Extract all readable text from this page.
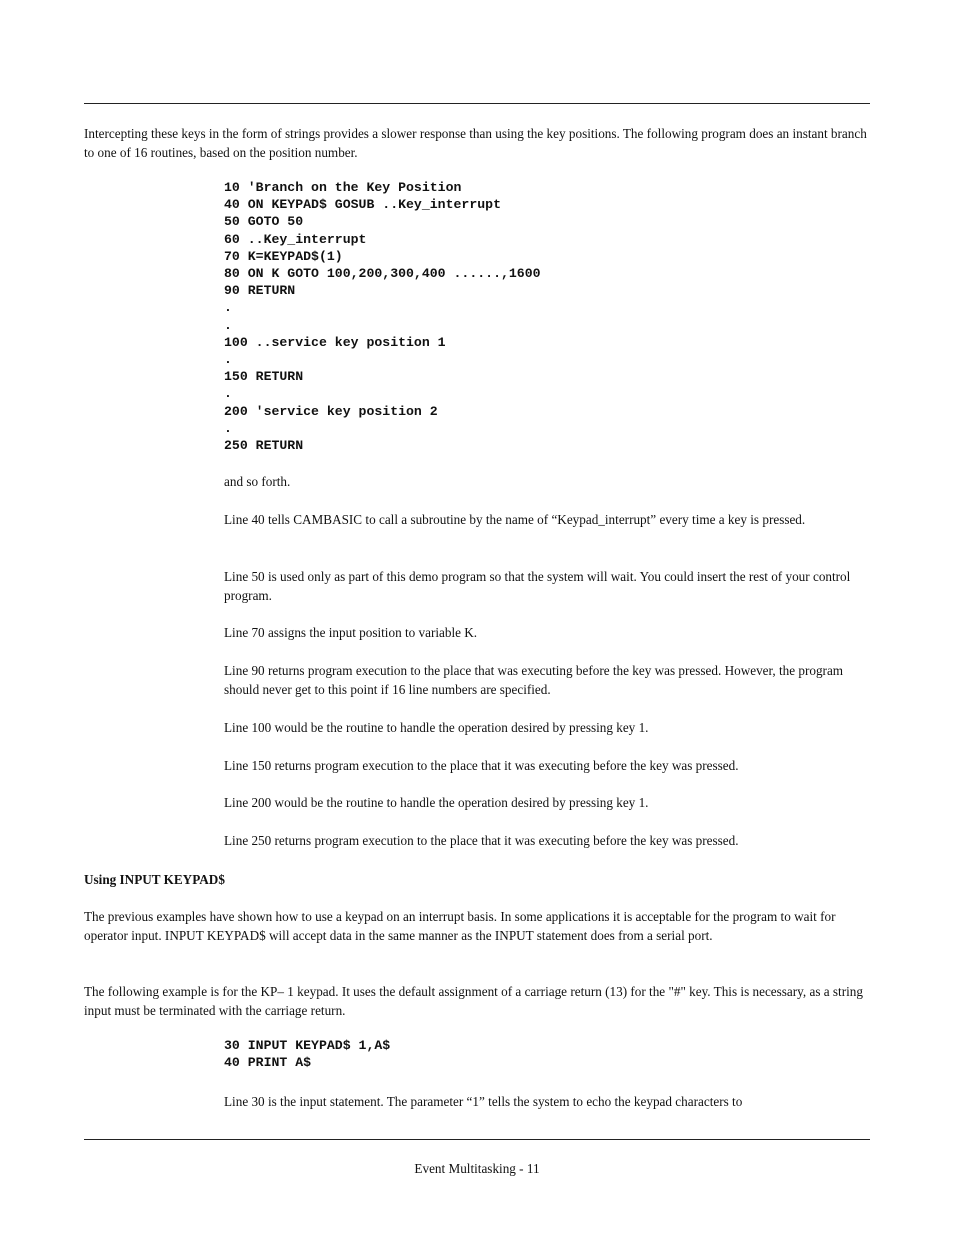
Intercepting these keys in the form of strings provides a slower response than using the key positions. The following program does an instant branch to one of 16 routines, based on the position number.

10 'Branch on the Key Position
40 ON KEYPAD$ GOSUB ..Key_interrupt
50 GOTO 50
60 ..Key_interrupt
70 K=KEYPAD$(1)
80 ON K GOTO 100,200,300,400 ......,1600
90 RETURN
.
.
100 ..service key position 1
.
150 RETURN
.
200 'service key position 2
.
250 RETURN

and so forth.

Line 40 tells CAMBASIC to call a subroutine by the name of “Keypad_interrupt” every time a key is pressed.

Line 50 is used only as part of this demo program so that the system will wait. You could insert the rest of your control program.

Line 70 assigns the input position to variable K.

Line 90 returns program execution to the place that was executing before the key was pressed. However, the program should never get to this point if 16 line numbers are specified.

Line 100 would be the routine to handle the operation desired by pressing key 1.

Line 150 returns program execution to the place that it was executing before the key was pressed.

Line 200 would be the routine to handle the operation desired by pressing key 1.

Line 250 returns program execution to the place that it was executing before the key was pressed.

Using INPUT KEYPAD$

The previous examples have shown how to use a keypad on an interrupt basis. In some applications it is acceptable for the program to wait for operator input. INPUT KEYPAD$ will accept data in the same manner as the INPUT statement does from a serial port.

The following example is for the KP– 1 keypad. It uses the default assignment of a carriage return (13) for the "#" key. This is necessary, as a string input must be terminated with the carriage return.

30 INPUT KEYPAD$ 1,A$
40 PRINT A$

Line 30 is the input statement. The parameter “1” tells the system to echo the keypad characters to

Event Multitasking - 11
